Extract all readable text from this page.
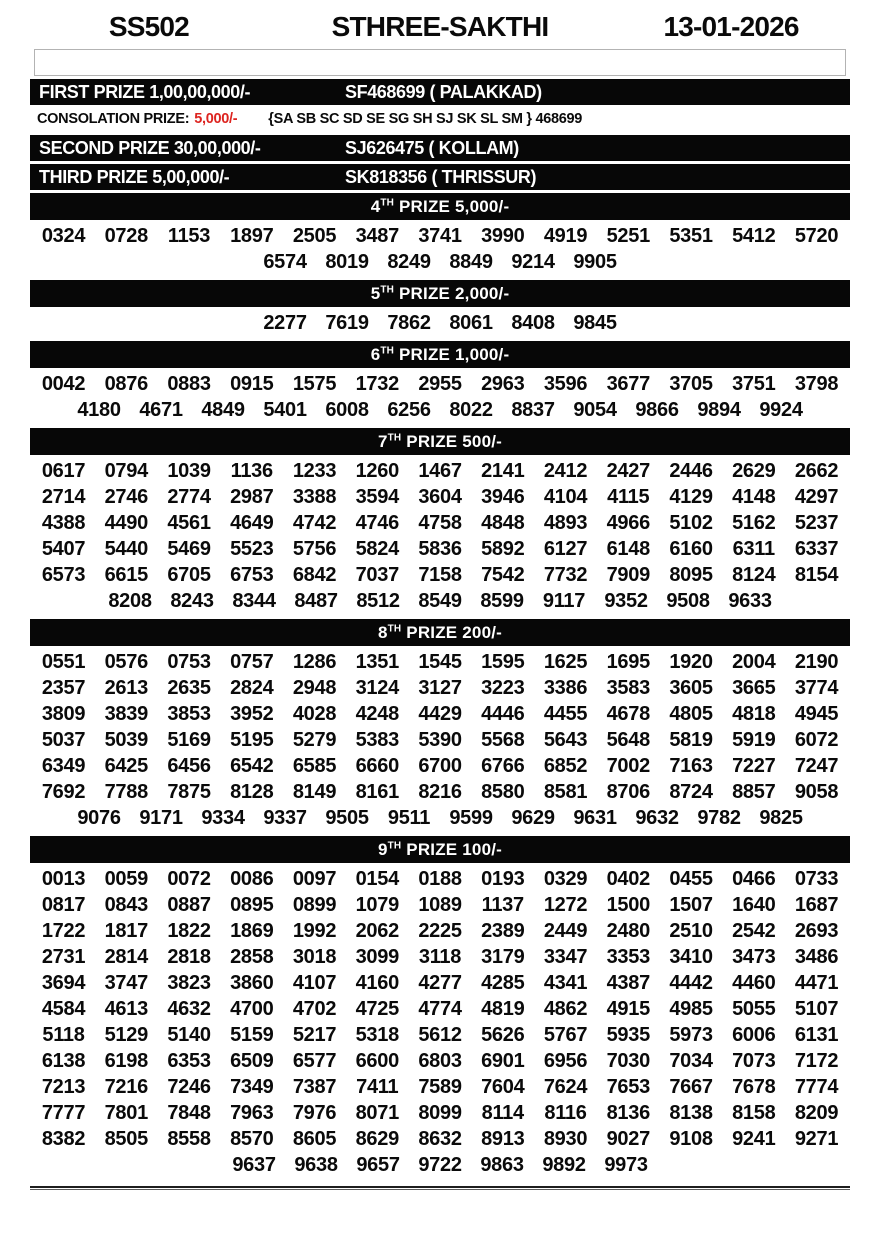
SS502	STHREE-SAKTHI	13-01-2026
FIRST PRIZE 1,00,00,000/-	SF468699 ( PALAKKAD)
CONSOLATION PRIZE: 5,000/- {SA SB SC SD SE SG SH SJ SK SL SM } 468699
SECOND PRIZE 30,00,000/-	SJ626475 ( KOLLAM)
THIRD PRIZE 5,00,000/-	SK818356 ( THRISSUR)
4TH PRIZE 5,000/-
0324 0728 1153 1897 2505 3487 3741 3990 4919 5251 5351 5412 5720
6574 8019 8249 8849 9214 9905
5TH PRIZE 2,000/-
2277 7619 7862 8061 8408 9845
6TH PRIZE 1,000/-
0042 0876 0883 0915 1575 1732 2955 2963 3596 3677 3705 3751 3798
4180 4671 4849 5401 6008 6256 8022 8837 9054 9866 9894 9924
7TH PRIZE 500/-
0617 0794 1039 1136 1233 1260 1467 2141 2412 2427 2446 2629 2662
2714 2746 2774 2987 3388 3594 3604 3946 4104 4115 4129 4148 4297
4388 4490 4561 4649 4742 4746 4758 4848 4893 4966 5102 5162 5237
5407 5440 5469 5523 5756 5824 5836 5892 6127 6148 6160 6311 6337
6573 6615 6705 6753 6842 7037 7158 7542 7732 7909 8095 8124 8154
8208 8243 8344 8487 8512 8549 8599 9117 9352 9508 9633
8TH PRIZE 200/-
0551 0576 0753 0757 1286 1351 1545 1595 1625 1695 1920 2004 2190
2357 2613 2635 2824 2948 3124 3127 3223 3386 3583 3605 3665 3774
3809 3839 3853 3952 4028 4248 4429 4446 4455 4678 4805 4818 4945
5037 5039 5169 5195 5279 5383 5390 5568 5643 5648 5819 5919 6072
6349 6425 6456 6542 6585 6660 6700 6766 6852 7002 7163 7227 7247
7692 7788 7875 8128 8149 8161 8216 8580 8581 8706 8724 8857 9058
9076 9171 9334 9337 9505 9511 9599 9629 9631 9632 9782 9825
9TH PRIZE 100/-
0013 0059 0072 0086 0097 0154 0188 0193 0329 0402 0455 0466 0733
0817 0843 0887 0895 0899 1079 1089 1137 1272 1500 1507 1640 1687
1722 1817 1822 1869 1992 2062 2225 2389 2449 2480 2510 2542 2693
2731 2814 2818 2858 3018 3099 3118 3179 3347 3353 3410 3473 3486
3694 3747 3823 3860 4107 4160 4277 4285 4341 4387 4442 4460 4471
4584 4613 4632 4700 4702 4725 4774 4819 4862 4915 4985 5055 5107
5118 5129 5140 5159 5217 5318 5612 5626 5767 5935 5973 6006 6131
6138 6198 6353 6509 6577 6600 6803 6901 6956 7030 7034 7073 7172
7213 7216 7246 7349 7387 7411 7589 7604 7624 7653 7667 7678 7774
7777 7801 7848 7963 7976 8071 8099 8114 8116 8136 8138 8158 8209
8382 8505 8558 8570 8605 8629 8632 8913 8930 9027 9108 9241 9271
9637 9638 9657 9722 9863 9892 9973
